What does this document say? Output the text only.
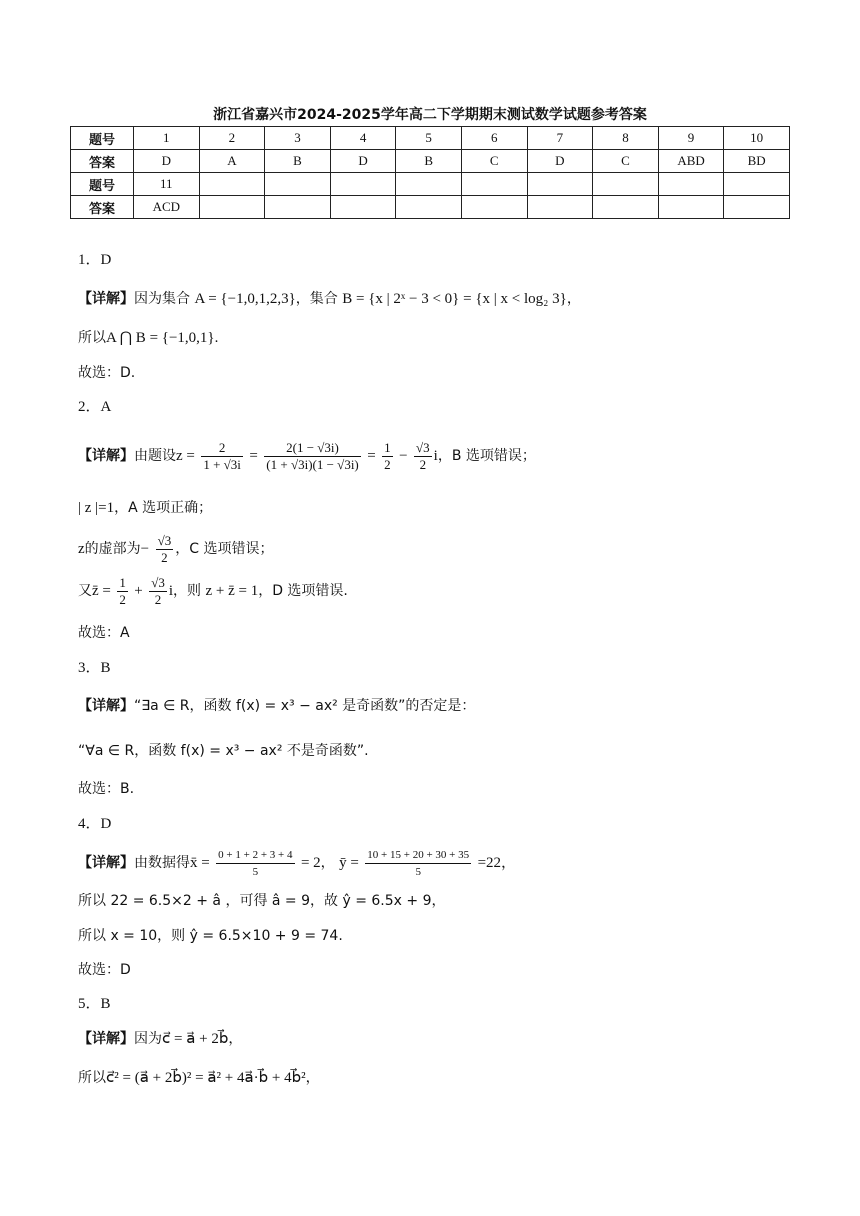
浙江省嘉兴市2024-2025学年高二下学期期末测试数学试题参考答案
题号	1	2	3	4	5	6	7	8	9	10
答案	D	A	B	D	B	C	D	C	ABD	BD
题号	11									
答案	ACD									
1．D
【详解】因为集合 A = {−1,0,1,2,3}，集合 B = {x | 2ˣ − 3 < 0} = {x | x < log₂ 3}，
所以A ⋂ B = {−1,0,1}.
故选：D.
2．A
【详解】由题设$z = \frac{2}{1 + √3i} = \frac{2(1 - √3i)}{(1 + √3i)(1 - √3i)} = \frac{1}{2} - \frac{√3}{2}$ i，B 选项错误；
| z |=1，A 选项正确；
z的虚部为− $\frac{√3}{2}$ ，C 选项错误；
又z̄ = $\frac{1}{2} + \frac{√3}{2}$ i，则 z + z̄ = 1，D 选项错误.
故选：A
3．B
【详解】“∃a ∈ R，函数 f(x) = x³ − ax² 是奇函数”的否定是：
“∀a ∈ R，函数 f(x) = x³ − ax² 不是奇函数”.
故选：B.
4．D
【详解】由数据得x̄ = $\frac{0 + 1 + 2 + 3 + 4}{5} = 2$， ȳ = $\frac{10 + 15 + 20 + 30 + 35}{5} =22$，
所以 22 = 6.5×2 + â ，可得 â = 9，故 ŷ = 6.5x + 9，
所以 x = 10，则 ŷ = 6.5×10 + 9 = 74.
故选：D
5．B
【详解】因为c⃗ = a⃗ + 2b⃗，
所以c⃗² = (a⃗ + 2b⃗)² = a⃗² + 4a⃗·b⃗ + 4b⃗²，
